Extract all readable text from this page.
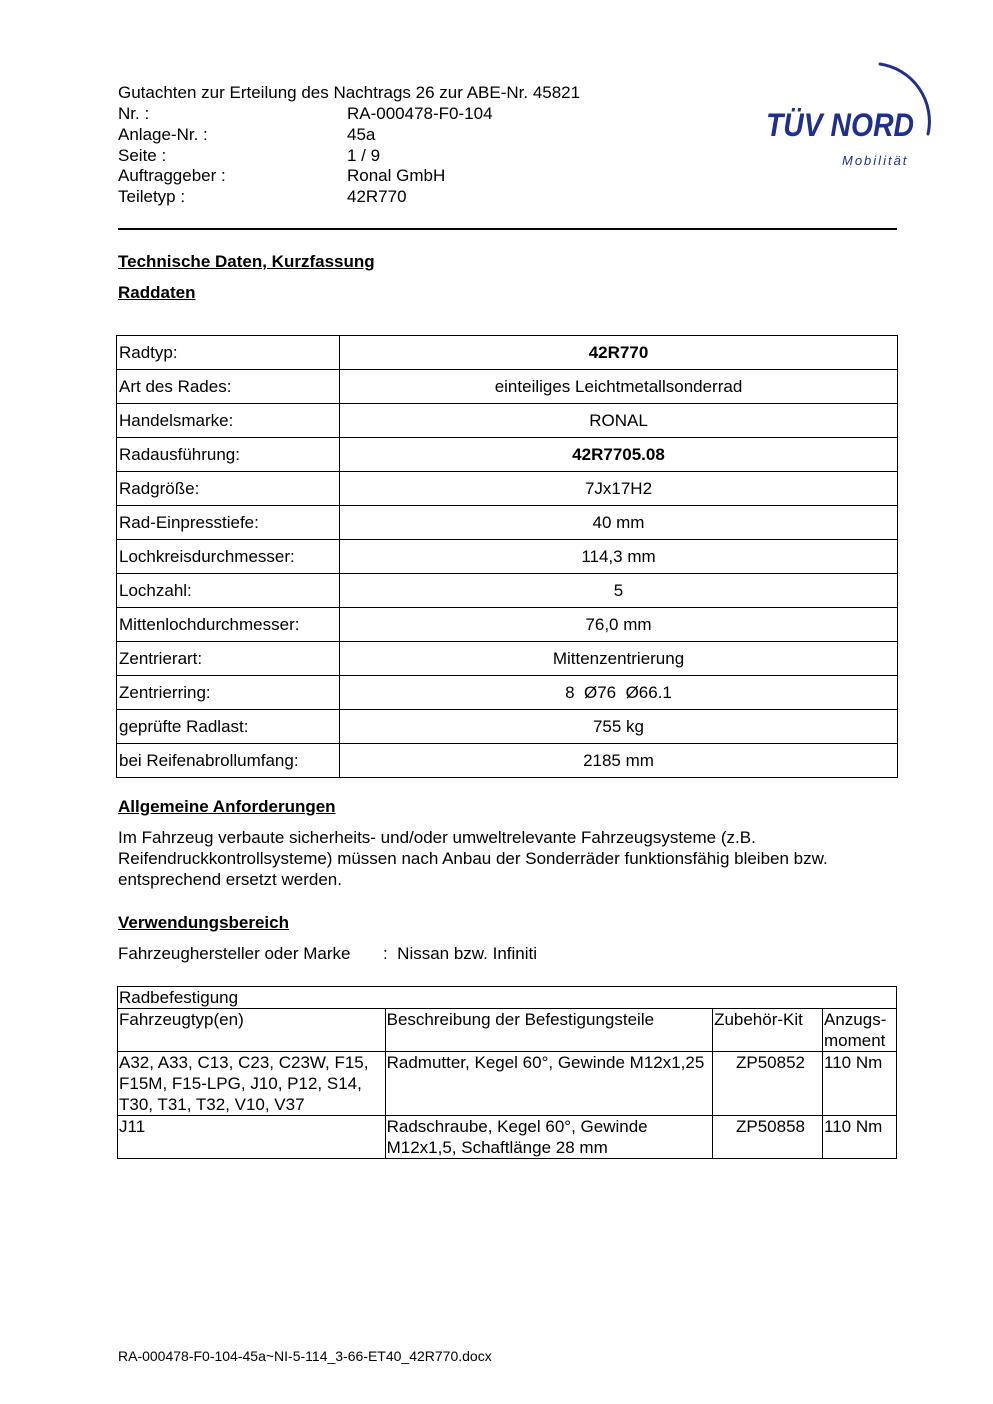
Gutachten zur Erteilung des Nachtrags 26 zur ABE-Nr. 45821
Nr. :	RA-000478-F0-104
Anlage-Nr. :	45a
Seite :	1 / 9
Auftraggeber :	Ronal GmbH
Teiletyp :	42R770
TÜV NORD
Mobilität
Technische Daten, Kurzfassung
Raddaten
Radtyp:	42R770
Art des Rades:	einteiliges Leichtmetallsonderrad
Handelsmarke:	RONAL
Radausführung:	42R7705.08
Radgröße:	7Jx17H2
Rad-Einpresstiefe:	40 mm
Lochkreisdurchmesser:	114,3 mm
Lochzahl:	5
Mittenlochdurchmesser:	76,0 mm
Zentrierart:	Mittenzentrierung
Zentrierring:	8  Ø76  Ø66.1
geprüfte Radlast:	755 kg
bei Reifenabrollumfang:	2185 mm
Allgemeine Anforderungen
Im Fahrzeug verbaute sicherheits- und/oder umweltrelevante Fahrzeugsysteme (z.B. Reifendruckkontrollsysteme) müssen nach Anbau der Sonderräder funktionsfähig bleiben bzw. entsprechend ersetzt werden.
Verwendungsbereich
Fahrzeughersteller oder Marke :  Nissan bzw. Infiniti
Radbefestigung			
Fahrzeugtyp(en)	Beschreibung der Befestigungsteile	Zubehör-Kit	Anzugs-moment
A32, A33, C13, C23, C23W, F15, F15M, F15-LPG, J10, P12, S14, T30, T31, T32, V10, V37	Radmutter, Kegel 60°, Gewinde M12x1,25	ZP50852	110 Nm
J11	Radschraube, Kegel 60°, Gewinde M12x1,5, Schaftlänge 28 mm	ZP50858	110 Nm
RA-000478-F0-104-45a~NI-5-114_3-66-ET40_42R770.docx
